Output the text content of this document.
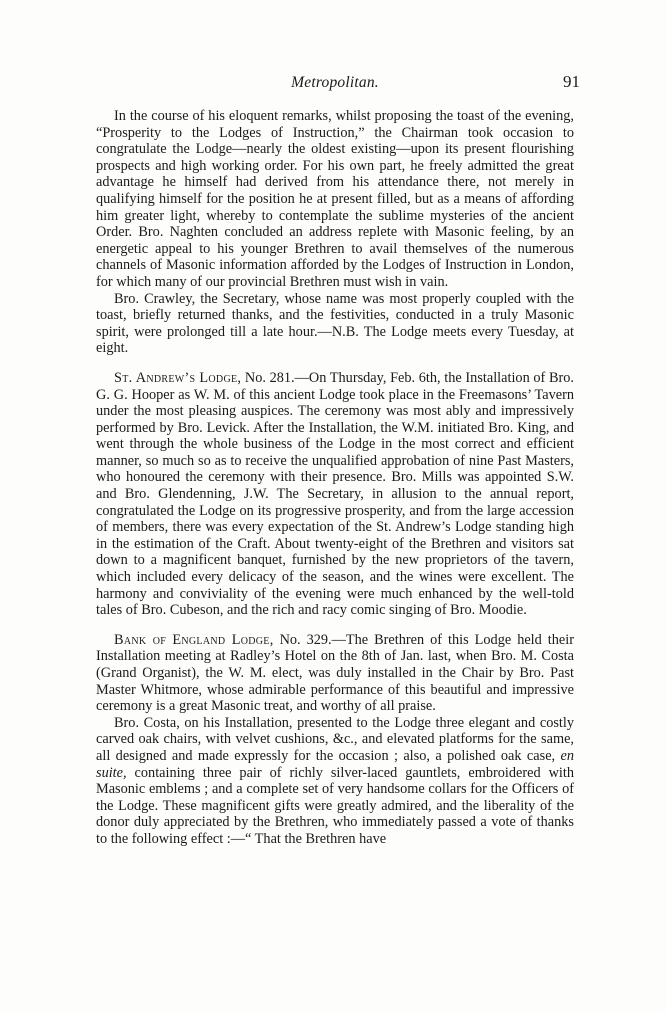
Metropolitan.	91

In the course of his eloquent remarks, whilst proposing the toast of the evening, “Prosperity to the Lodges of Instruction,” the Chairman took occasion to congratulate the Lodge—nearly the oldest existing—upon its present flourishing prospects and high working order. For his own part, he freely admitted the great advantage he himself had derived from his attendance there, not merely in qualifying himself for the position he at present filled, but as a means of affording him greater light, whereby to contemplate the sublime mysteries of the ancient Order. Bro. Naghten concluded an address replete with Masonic feeling, by an energetic appeal to his younger Brethren to avail themselves of the numerous channels of Masonic information afforded by the Lodges of Instruction in London, for which many of our provincial Brethren must wish in vain.

Bro. Crawley, the Secretary, whose name was most properly coupled with the toast, briefly returned thanks, and the festivities, conducted in a truly Masonic spirit, were prolonged till a late hour.—N.B. The Lodge meets every Tuesday, at eight.

St. Andrew’s Lodge, No. 281.—On Thursday, Feb. 6th, the Installation of Bro. G. G. Hooper as W. M. of this ancient Lodge took place in the Freemasons’ Tavern under the most pleasing auspices. The ceremony was most ably and impressively performed by Bro. Levick. After the Installation, the W.M. initiated Bro. King, and went through the whole business of the Lodge in the most correct and efficient manner, so much so as to receive the unqualified approbation of nine Past Masters, who honoured the ceremony with their presence. Bro. Mills was appointed S.W. and Bro. Glendenning, J.W. The Secretary, in allusion to the annual report, congratulated the Lodge on its progressive prosperity, and from the large accession of members, there was every expectation of the St. Andrew’s Lodge standing high in the estimation of the Craft. About twenty-eight of the Brethren and visitors sat down to a magnificent banquet, furnished by the new proprietors of the tavern, which included every delicacy of the season, and the wines were excellent. The harmony and conviviality of the evening were much enhanced by the well-told tales of Bro. Cubeson, and the rich and racy comic singing of Bro. Moodie.

Bank of England Lodge, No. 329.—The Brethren of this Lodge held their Installation meeting at Radley’s Hotel on the 8th of Jan. last, when Bro. M. Costa (Grand Organist), the W. M. elect, was duly installed in the Chair by Bro. Past Master Whitmore, whose admirable performance of this beautiful and impressive ceremony is a great Masonic treat, and worthy of all praise.

Bro. Costa, on his Installation, presented to the Lodge three elegant and costly carved oak chairs, with velvet cushions, &c., and elevated platforms for the same, all designed and made expressly for the occasion ; also, a polished oak case, en suite, containing three pair of richly silver-laced gauntlets, embroidered with Masonic emblems ; and a complete set of very handsome collars for the Officers of the Lodge. These magnificent gifts were greatly admired, and the liberality of the donor duly appreciated by the Brethren, who immediately passed a vote of thanks to the following effect :—“ That the Brethren have
